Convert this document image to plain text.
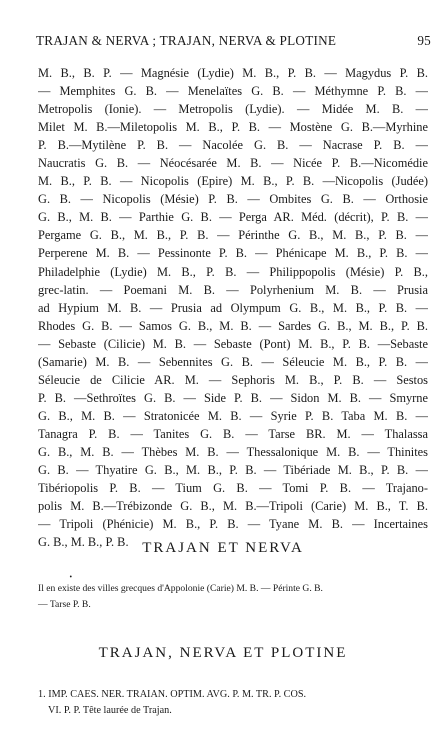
TRAJAN & NERVA ; TRAJAN, NERVA & PLOTINE	95
M. B., B. P. — Magnésie (Lydie) M. B., P. B. — Magydus P. B.
— Memphites G. B. — Menelaïtes G. B. — Méthymne P. B. —
Metropolis (Ionie). — Metropolis (Lydie). — Midée M. B. —
Milet M. B.—Miletopolis M. B., P. B. — Mostène G. B.—Myrhine
P. B.—Mytilène P. B. — Nacolée G. B. — Nacrase P. B. —
Naucratis G. B. — Néocésarée M. B. — Nicée P. B.—Nicomédie
M. B., P. B. — Nicopolis (Epire) M. B., P. B. —Nicopolis (Judée)
G. B. — Nicopolis (Mésie) P. B. — Ombites G. B. — Orthosie
G. B., M. B. — Parthie G. B. — Perga AR. Méd. (décrit), P. B. —
Pergame G. B., M. B., P. B. — Périnthe G. B., M. B., P. B. —
Perperene M. B. — Pessinonte P. B. — Phénicape M. B., P. B. —
Philadelphie (Lydie) M. B., P. B. — Philippopolis (Mésie) P. B.,
grec-latin. — Poemani M. B. — Polyrhenium M. B. — Prusia
ad Hypium M. B. — Prusia ad Olympum G. B., M. B., P. B. —
Rhodes G. B. — Samos G. B., M. B. — Sardes G. B., M. B., P. B.
— Sebaste (Cilicie) M. B. — Sebaste (Pont) M. B., P. B. —Sebaste
(Samarie) M. B. — Sebennites G. B. — Séleucie M. B., P. B. —
Séleucie de Cilicie AR. M. — Sephoris M. B., P. B. — Sestos
P. B. —Sethroïtes G. B. — Side P. B. — Sidon M. B. — Smyrne
G. B., M. B. — Stratonicée M. B. — Syrie P. B. Taba M. B. —
Tanagra P. B. — Tanites G. B. — Tarse BR. M. — Thalassa
G. B., M. B. — Thèbes M. B. — Thessalonique M. B. — Thinites
G. B. — Thyatire G. B., M. B., P. B. — Tibériade M. B., P. B. —
Tibériopolis P. B. — Tium G. B. — Tomi P. B. — Trajano-
polis M. B.—Trébizonde G. B., M. B.—Tripoli (Carie) M. B., T. B.
— Tripoli (Phénicie) M. B., P. B. — Tyane M. B. — Incertaines
G. B., M. B., P. B. TRAJAN ET NERVA
•
Il en existe des villes grecques d'Appolonie (Carie) M. B. — Périnte G. B.
— Tarse P. B.
TRAJAN, NERVA ET PLOTINE
1. IMP. CAES. NER. TRAIAN. OPTIM. AVG. P. M. TR. P. COS.
VI. P. P. Tête laurée de Trajan.
